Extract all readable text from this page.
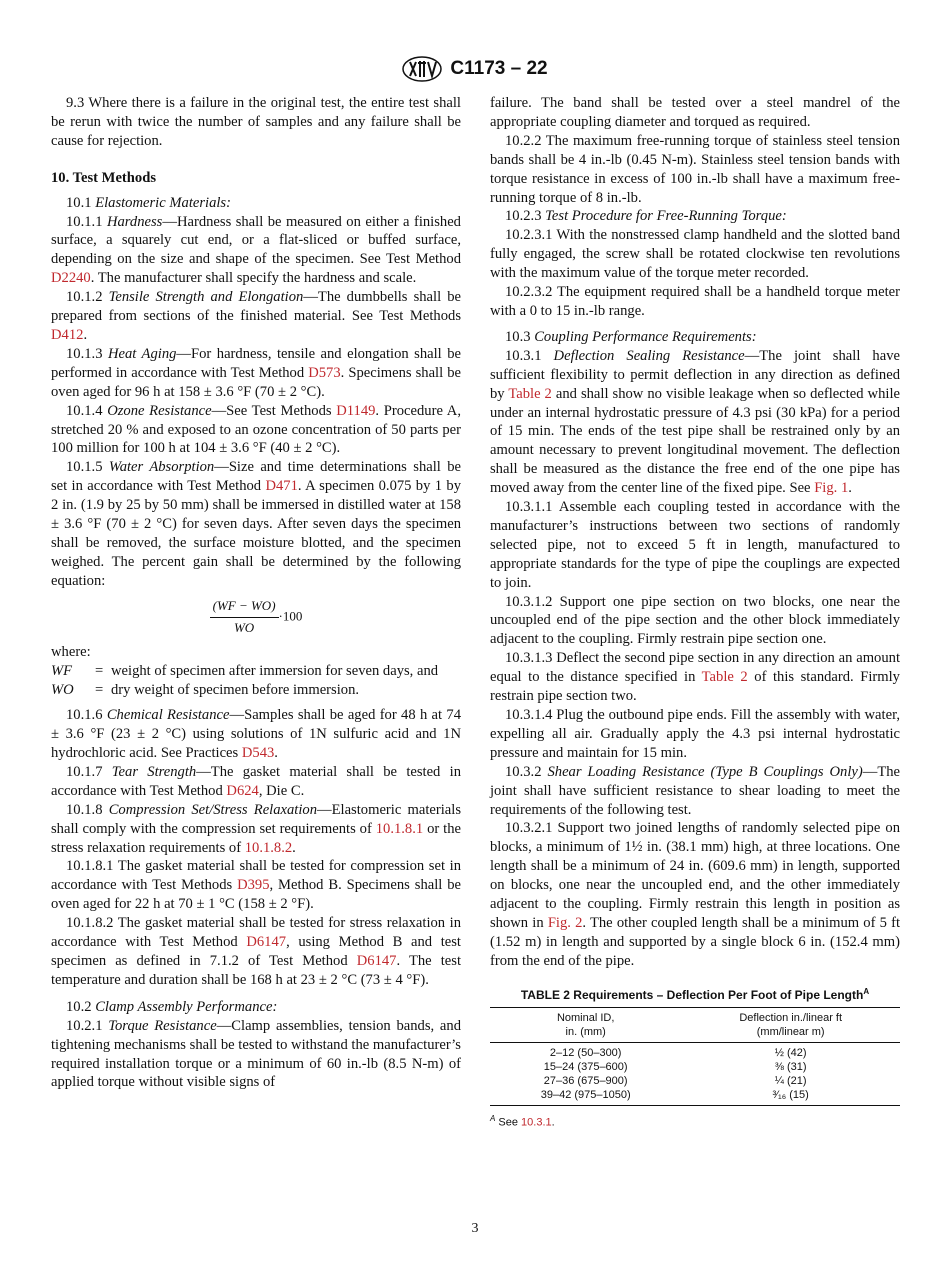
C1173 – 22

9.3 Where there is a failure in the original test, the entire test shall be rerun with twice the number of samples and any failure shall be cause for rejection.

10. Test Methods

10.1 Elastomeric Materials:

10.1.1 Hardness—Hardness shall be measured on either a finished surface, a squarely cut end, or a flat-sliced or buffed surface, depending on the size and shape of the specimen. See Test Method D2240. The manufacturer shall specify the hardness and scale.

10.1.2 Tensile Strength and Elongation—The dumbbells shall be prepared from sections of the finished material. See Test Methods D412.

10.1.3 Heat Aging—For hardness, tensile and elongation shall be performed in accordance with Test Method D573. Specimens shall be oven aged for 96 h at 158 ± 3.6 °F (70 ± 2 °C).

10.1.4 Ozone Resistance—See Test Methods D1149. Procedure A, stretched 20 % and exposed to an ozone concentration of 50 parts per 100 million for 100 h at 104 ± 3.6 °F (40 ± 2 °C).

10.1.5 Water Absorption—Size and time determinations shall be set in accordance with Test Method D471. A specimen 0.075 by 1 by 2 in. (1.9 by 25 by 50 mm) shall be immersed in distilled water at 158 ± 3.6 °F (70 ± 2 °C) for seven days. After seven days the specimen shall be removed, the surface moisture blotted, and the specimen weighed. The percent gain shall be determined by the following equation:

$\frac{(WF - WO)}{WO} \cdot 100$

where:

WF	= weight of specimen after immersion for seven days, and
WO	= dry weight of specimen before immersion.

10.1.6 Chemical Resistance—Samples shall be aged for 48 h at 74 ± 3.6 °F (23 ± 2 °C) using solutions of 1N sulfuric acid and 1N hydrochloric acid. See Practices D543.

10.1.7 Tear Strength—The gasket material shall be tested in accordance with Test Method D624, Die C.

10.1.8 Compression Set/Stress Relaxation—Elastomeric materials shall comply with the compression set requirements of 10.1.8.1 or the stress relaxation requirements of 10.1.8.2.

10.1.8.1 The gasket material shall be tested for compression set in accordance with Test Methods D395, Method B. Specimens shall be oven aged for 22 h at 70 ± 1 °C (158 ± 2 °F).

10.1.8.2 The gasket material shall be tested for stress relaxation in accordance with Test Method D6147, using Method B and test specimen as defined in 7.1.2 of Test Method D6147. The test temperature and duration shall be 168 h at 23 ± 2 °C (73 ± 4 °F).

10.2 Clamp Assembly Performance:

10.2.1 Torque Resistance—Clamp assemblies, tension bands, and tightening mechanisms shall be tested to withstand the manufacturer’s required installation torque or a minimum of 60 in.-lb (8.5 N-m) of applied torque without visible signs of

failure. The band shall be tested over a steel mandrel of the appropriate coupling diameter and torqued as required.

10.2.2 The maximum free-running torque of stainless steel tension bands shall be 4 in.-lb (0.45 N-m). Stainless steel tension bands with torque resistance in excess of 100 in.-lb shall have a maximum free-running torque of 8 in.-lb.

10.2.3 Test Procedure for Free-Running Torque:

10.2.3.1 With the nonstressed clamp handheld and the slotted band fully engaged, the screw shall be rotated clockwise ten revolutions with the maximum value of the torque meter recorded.

10.2.3.2 The equipment required shall be a handheld torque meter with a 0 to 15 in.-lb range.

10.3 Coupling Performance Requirements:

10.3.1 Deflection Sealing Resistance—The joint shall have sufficient flexibility to permit deflection in any direction as defined by Table 2 and shall show no visible leakage when so deflected while under an internal hydrostatic pressure of 4.3 psi (30 kPa) for a period of 15 min. The ends of the test pipe shall be restrained only by an amount necessary to prevent longitudinal movement. The deflection shall be measured as the distance the free end of the one pipe has moved away from the center line of the fixed pipe. See Fig. 1.

10.3.1.1 Assemble each coupling tested in accordance with the manufacturer’s instructions between two sections of randomly selected pipe, not to exceed 5 ft in length, manufactured to appropriate standards for the type of pipe the couplings are expected to join.

10.3.1.2 Support one pipe section on two blocks, one near the uncoupled end of the pipe section and the other block immediately adjacent to the coupling. Firmly restrain pipe section one.

10.3.1.3 Deflect the second pipe section in any direction an amount equal to the distance specified in Table 2 of this standard. Firmly restrain pipe section two.

10.3.1.4 Plug the outbound pipe ends. Fill the assembly with water, expelling all air. Gradually apply the 4.3 psi internal hydrostatic pressure and maintain for 15 min.

10.3.2 Shear Loading Resistance (Type B Couplings Only)—The joint shall have sufficient resistance to shear loading to meet the requirements of the following test.

10.3.2.1 Support two joined lengths of randomly selected pipe on blocks, a minimum of 1½ in. (38.1 mm) high, at three locations. One length shall be a minimum of 24 in. (609.6 mm) in length, supported on blocks, one near the uncoupled end, and the other immediately adjacent to the coupling. Firmly restrain this length in position as shown in Fig. 2. The other coupled length shall be a minimum of 5 ft (1.52 m) in length and supported by a single block 6 in. (152.4 mm) from the end of the pipe.

TABLE 2 Requirements – Deflection Per Foot of Pipe Length$^A$
Nominal ID,
in. (mm)	Deflection in./linear ft
(mm/linear m)
2–12 (50–300)	½ (42)
15–24 (375–600)	⅜ (31)
27–36 (675–900)	¼ (21)
39–42 (975–1050)	³⁄₁₆ (15)
$^A$ See 10.3.1.
3
